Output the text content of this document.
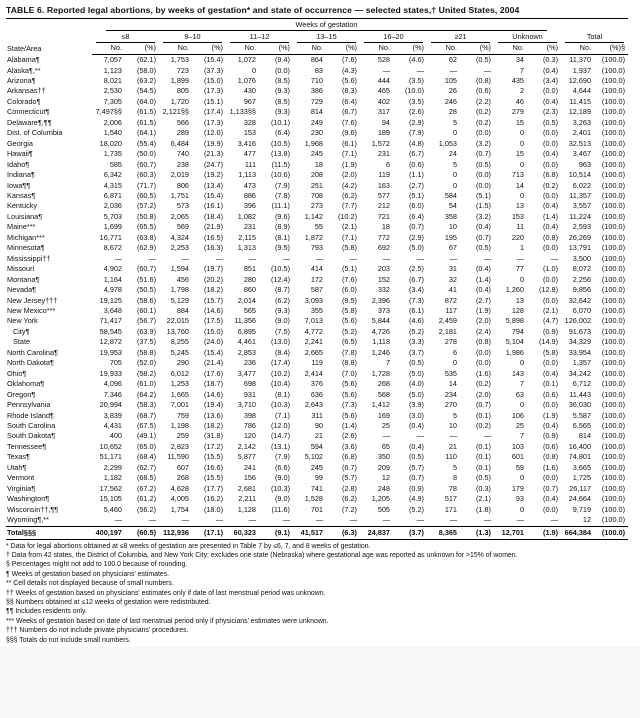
TABLE 6. Reported legal abortions, by weeks of gestation* and state of occurrence — selected states,† United States, 2004
State/Area	Weeks of gestation															

	≤8		9–10		11–12		13–15		16–20		≥21		Unknown		Total	

	No.	(%)	No.	(%)	No.	(%)	No.	(%)	No.	(%)	No.	(%)	No.	(%)	No.	(%)§
Alabama¶	7,057	(62.1)	1,753	(15.4)	1,072	(9.4)	864	(7.6)	528	(4.6)	62	(0.5)	34	(0.3)	11,370	(100.0)
Alaska¶,**	1,123	(58.0)	723	(37.3)	0	(0.0)	83	(4.3)	—	—	—	—	7	(0.4)	1,937	(100.0)
Arizona¶	8,021	(63.2)	1,899	(15.0)	1,076	(8.5)	710	(5.6)	444	(3.5)	105	(0.8)	435	(3.4)	12,690	(100.0)
Arkansas††	2,530	(54.5)	805	(17.3)	430	(9.3)	386	(8.3)	465	(10.0)	26	(0.6)	2	(0.0)	4,644	(100.0)
Colorado¶	7,305	(64.0)	1,720	(15.1)	967	(8.5)	729	(6.4)	402	(3.5)	246	(2.2)	46	(0.4)	11,415	(100.0)
Connecticut¶	7,497§§	(61.5)	2,121§§	(17.4)	1,133§§	(9.3)	814	(6.7)	317	(2.6)	28	(0.2)	279	(2.3)	12,189	(100.0)
Delaware¶,¶¶	2,006	(61.5)	566	(17.3)	328	(10.1)	249	(7.6)	94	(2.9)	5	(0.2)	15	(0.5)	3,263	(100.0)
Dist. of Columbia	1,540	(64.1)	289	(12.0)	153	(6.4)	230	(9.6)	189	(7.9)	0	(0.0)	0	(0.0)	2,401	(100.0)
Georgia	18,020	(55.4)	6,484	(19.9)	3,416	(10.5)	1,968	(6.1)	1,572	(4.8)	1,053	(3.2)	0	(0.0)	32,513	(100.0)
Hawaii¶	1,735	(50.0)	740	(21.3)	477	(13.8)	245	(7.1)	231	(6.7)	24	(0.7)	15	(0.4)	3,467	(100.0)
Idaho¶	585	(60.7)	238	(24.7)	111	(11.5)	18	(1.9)	6	(0.6)	5	(0.5)	0	(0.0)	963	(100.0)
Indiana¶	6,342	(60.3)	2,019	(19.2)	1,113	(10.6)	208	(2.0)	119	(1.1)	0	(0.0)	713	(6.8)	10,514	(100.0)
Iowa¶¶	4,315	(71.7)	806	(13.4)	473	(7.9)	251	(4.2)	163	(2.7)	0	(0.0)	14	(0.2)	6,022	(100.0)
Kansas¶	6,871	(60.5)	1,751	(15.4)	886	(7.8)	708	(6.2)	577	(5.1)	584	(5.1)	0	(0.0)	11,357	(100.0)
Kentucky	2,036	(57.2)	573	(16.1)	396	(11.1)	273	(7.7)	212	(6.0)	54	(1.5)	13	(0.4)	3,557	(100.0)
Louisiana¶	5,703	(50.8)	2,065	(18.4)	1,082	(9.6)	1,142	(10.2)	721	(6.4)	358	(3.2)	153	(1.4)	11,224	(100.0)
Maine***	1,699	(65.5)	569	(21.9)	231	(8.9)	55	(2.1)	18	(0.7)	10	(0.4)	11	(0.4)	2,593	(100.0)
Michigan***	16,771	(63.8)	4,324	(16.5)	2,115	(8.1)	1,872	(7.1)	772	(2.9)	195	(0.7)	220	(0.8)	26,269	(100.0)
Minnesota¶	8,672	(62.9)	2,253	(16.3)	1,313	(9.5)	793	(5.8)	692	(5.0)	67	(0.5)	1	(0.0)	13,791	(100.0)
Mississippi††	—	—	—	—	—	—	—	—	—	—	—	—	—	—	3,500	(100.0)
Missouri	4,902	(60.7)	1,594	(19.7)	851	(10.5)	414	(5.1)	203	(2.5)	31	(0.4)	77	(1.0)	8,072	(100.0)
Montana¶	1,164	(51.6)	456	(20.2)	280	(12.4)	172	(7.6)	152	(6.7)	32	(1.4)	0	(0.0)	2,256	(100.0)
Nevada¶	4,978	(50.5)	1,798	(18.2)	860	(8.7)	587	(6.0)	332	(3.4)	41	(0.4)	1,260	(12.8)	9,856	(100.0)
New Jersey†††	19,125	(58.6)	5,129	(15.7)	2,014	(6.2)	3,093	(9.5)	2,396	(7.3)	872	(2.7)	13	(0.0)	32,642	(100.0)
New Mexico***	3,648	(60.1)	884	(14.6)	565	(9.3)	355	(5.8)	373	(6.1)	117	(1.9)	128	(2.1)	6,070	(100.0)
New York	71,417	(56.7)	22,015	(17.5)	11,356	(9.0)	7,013	(5.6)	5,844	(4.6)	2,459	(2.0)	5,898	(4.7)	126,002	(100.0)
City¶	58,545	(63.9)	13,760	(15.0)	6,895	(7.5)	4,772	(5.2)	4,726	(5.2)	2,181	(2.4)	794	(0.9)	91,673	(100.0)
State	12,872	(37.5)	8,255	(24.0)	4,461	(13.0)	2,241	(6.5)	1,118	(3.3)	278	(0.8)	5,104	(14.9)	34,329	(100.0)
North Carolina¶	19,953	(58.8)	5,245	(15.4)	2,853	(8.4)	2,665	(7.8)	1,246	(3.7)	6	(0.0)	1,986	(5.8)	33,954	(100.0)
North Dakota¶	705	(52.0)	290	(21.4)	236	(17.4)	119	(8.8)	7	(0.5)	0	(0.0)	0	(0.0)	1,357	(100.0)
Ohio¶	19,933	(58.2)	6,012	(17.6)	3,477	(10.2)	2,414	(7.0)	1,728	(5.0)	535	(1.6)	143	(0.4)	34,242	(100.0)
Oklahoma¶	4,096	(61.0)	1,253	(18.7)	698	(10.4)	376	(5.6)	268	(4.0)	14	(0.2)	7	(0.1)	6,712	(100.0)
Oregon¶	7,346	(64.2)	1,665	(14.6)	931	(8.1)	636	(5.6)	568	(5.0)	234	(2.0)	63	(0.6)	11,443	(100.0)
Pennsylvania	20,994	(58.3)	7,001	(19.4)	3,710	(10.3)	2,643	(7.3)	1,412	(3.9)	270	(0.7)	0	(0.0)	36,030	(100.0)
Rhode Island¶	3,839	(68.7)	759	(13.6)	398	(7.1)	311	(5.6)	169	(3.0)	5	(0.1)	106	(1.9)	5,587	(100.0)
South Carolina	4,431	(67.5)	1,198	(18.2)	786	(12.0)	90	(1.4)	25	(0.4)	10	(0.2)	25	(0.4)	6,565	(100.0)
South Dakota¶	400	(49.1)	259	(31.8)	120	(14.7)	21	(2.6)	—	—	—	—	7	(0.9)	814	(100.0)
Tennessee¶	10,652	(65.0)	2,823	(17.2)	2,142	(13.1)	594	(3.6)	65	(0.4)	21	(0.1)	103	(0.6)	16,400	(100.0)
Texas¶	51,171	(68.4)	11,590	(15.5)	5,877	(7.9)	5,102	(6.8)	350	(0.5)	110	(0.1)	601	(0.8)	74,801	(100.0)
Utah¶	2,299	(62.7)	607	(16.6)	241	(6.6)	245	(6.7)	209	(5.7)	5	(0.1)	59	(1.6)	3,665	(100.0)
Vermont	1,182	(68.5)	268	(15.5)	156	(9.0)	99	(5.7)	12	(0.7)	8	(0.5)	0	(0.0)	1,725	(100.0)
Virginia¶	17,562	(67.2)	4,628	(17.7)	2,681	(10.3)	741	(2.8)	248	(0.9)	78	(0.3)	179	(0.7)	26,117	(100.0)
Washington¶	15,105	(61.2)	4,005	(16.2)	2,211	(9.0)	1,528	(6.2)	1,205	(4.9)	517	(2.1)	93	(0.4)	24,664	(100.0)
Wisconsin††,¶¶	5,460	(56.2)	1,754	(18.0)	1,128	(11.6)	701	(7.2)	505	(5.2)	171	(1.8)	0	(0.0)	9,719	(100.0)
Wyoming¶,**	—	—	—	—	—	—	—	—	—	—	—	—	—	—	12	(100.0)
Total§§§	400,197	(60.5)	112,936	(17.1)	60,323	(9.1)	41,517	(6.3)	24,837	(3.7)	8,365	(1.3)	12,701	(1.9)	664,384	(100.0)
* Data for legal abortions obtained at ≤8 weeks of gestation are presented in Table 7 by ≤6, 7, and 8 weeks of gestation.
† Data from 42 states, the District of Columbia, and New York City; excludes one state (Nebraska) where gestational age was reported as unknown for >15% of women.
§ Percentages might not add to 100.0 because of rounding.
¶ Weeks of gestation based on physicians' estimates.
** Cell details not displayed because of small numbers.
†† Weeks of gestation based on physicians' estimates only if date of last menstrual period was unknown.
§§ Numbers obtained at ≤12 weeks of gestation were redistributed.
¶¶ Includes residents only.
*** Weeks of gestation based on date of last menstrual period only if physicians' estimates were unknown.
††† Numbers do not include private physicians' procedures.
§§§ Totals do not include small numbers.
